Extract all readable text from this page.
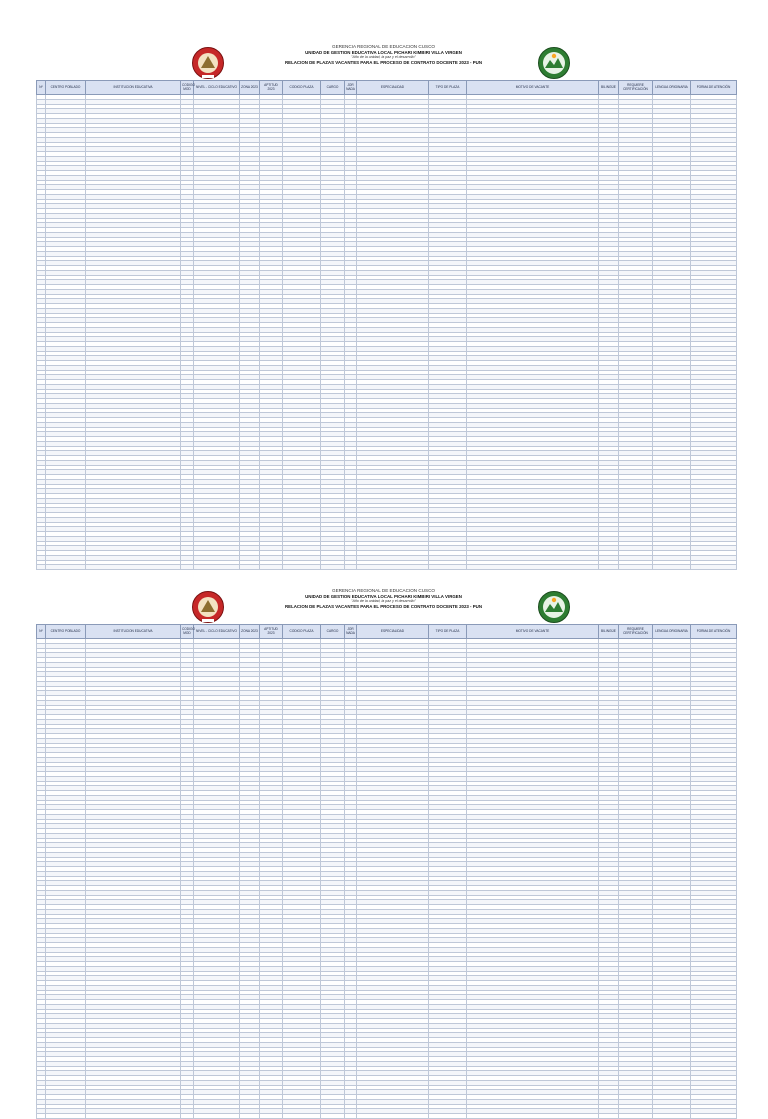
GERENCIA REGIONAL DE EDUCACION CUSCO
UNIDAD DE GESTION EDUCATIVA LOCAL PICHARI KIMBIRI VILLA VIRGEN
"Año de la unidad, la paz y el desarrollo"
RELACION DE PLAZAS VACANTES PARA EL PROCESO DE CONTRATO DOCENTE 2023 - PUN
Nº	CENTRO POBLADO	INSTITUCION EDUCATIVA	CODIGO MOD	NIVEL - CICLO EDUCATIVO	ZONA 2023	APTITUD 2023	CODIGO PLAZA	CARGO	JOR NADA	ESPECIALIDAD	TIPO DE PLAZA	MOTIVO DE VACANTE	BILINGÜE	REQUIERE CERTIFICACIÓN	LENGUA ORIGINARIA	FORMA DE ATENCIÓN

GERENCIA REGIONAL DE EDUCACION CUSCO
UNIDAD DE GESTION EDUCATIVA LOCAL PICHARI KIMBIRI VILLA VIRGEN
"Año de la unidad, la paz y el desarrollo"
RELACION DE PLAZAS VACANTES PARA EL PROCESO DE CONTRATO DOCENTE 2023 - PUN
Nº	CENTRO POBLADO	INSTITUCION EDUCATIVA	CODIGO MOD	NIVEL - CICLO EDUCATIVO	ZONA 2023	APTITUD 2023	CODIGO PLAZA	CARGO	JOR NADA	ESPECIALIDAD	TIPO DE PLAZA	MOTIVO DE VACANTE	BILINGÜE	REQUIERE CERTIFICACIÓN	LENGUA ORIGINARIA	FORMA DE ATENCIÓN
